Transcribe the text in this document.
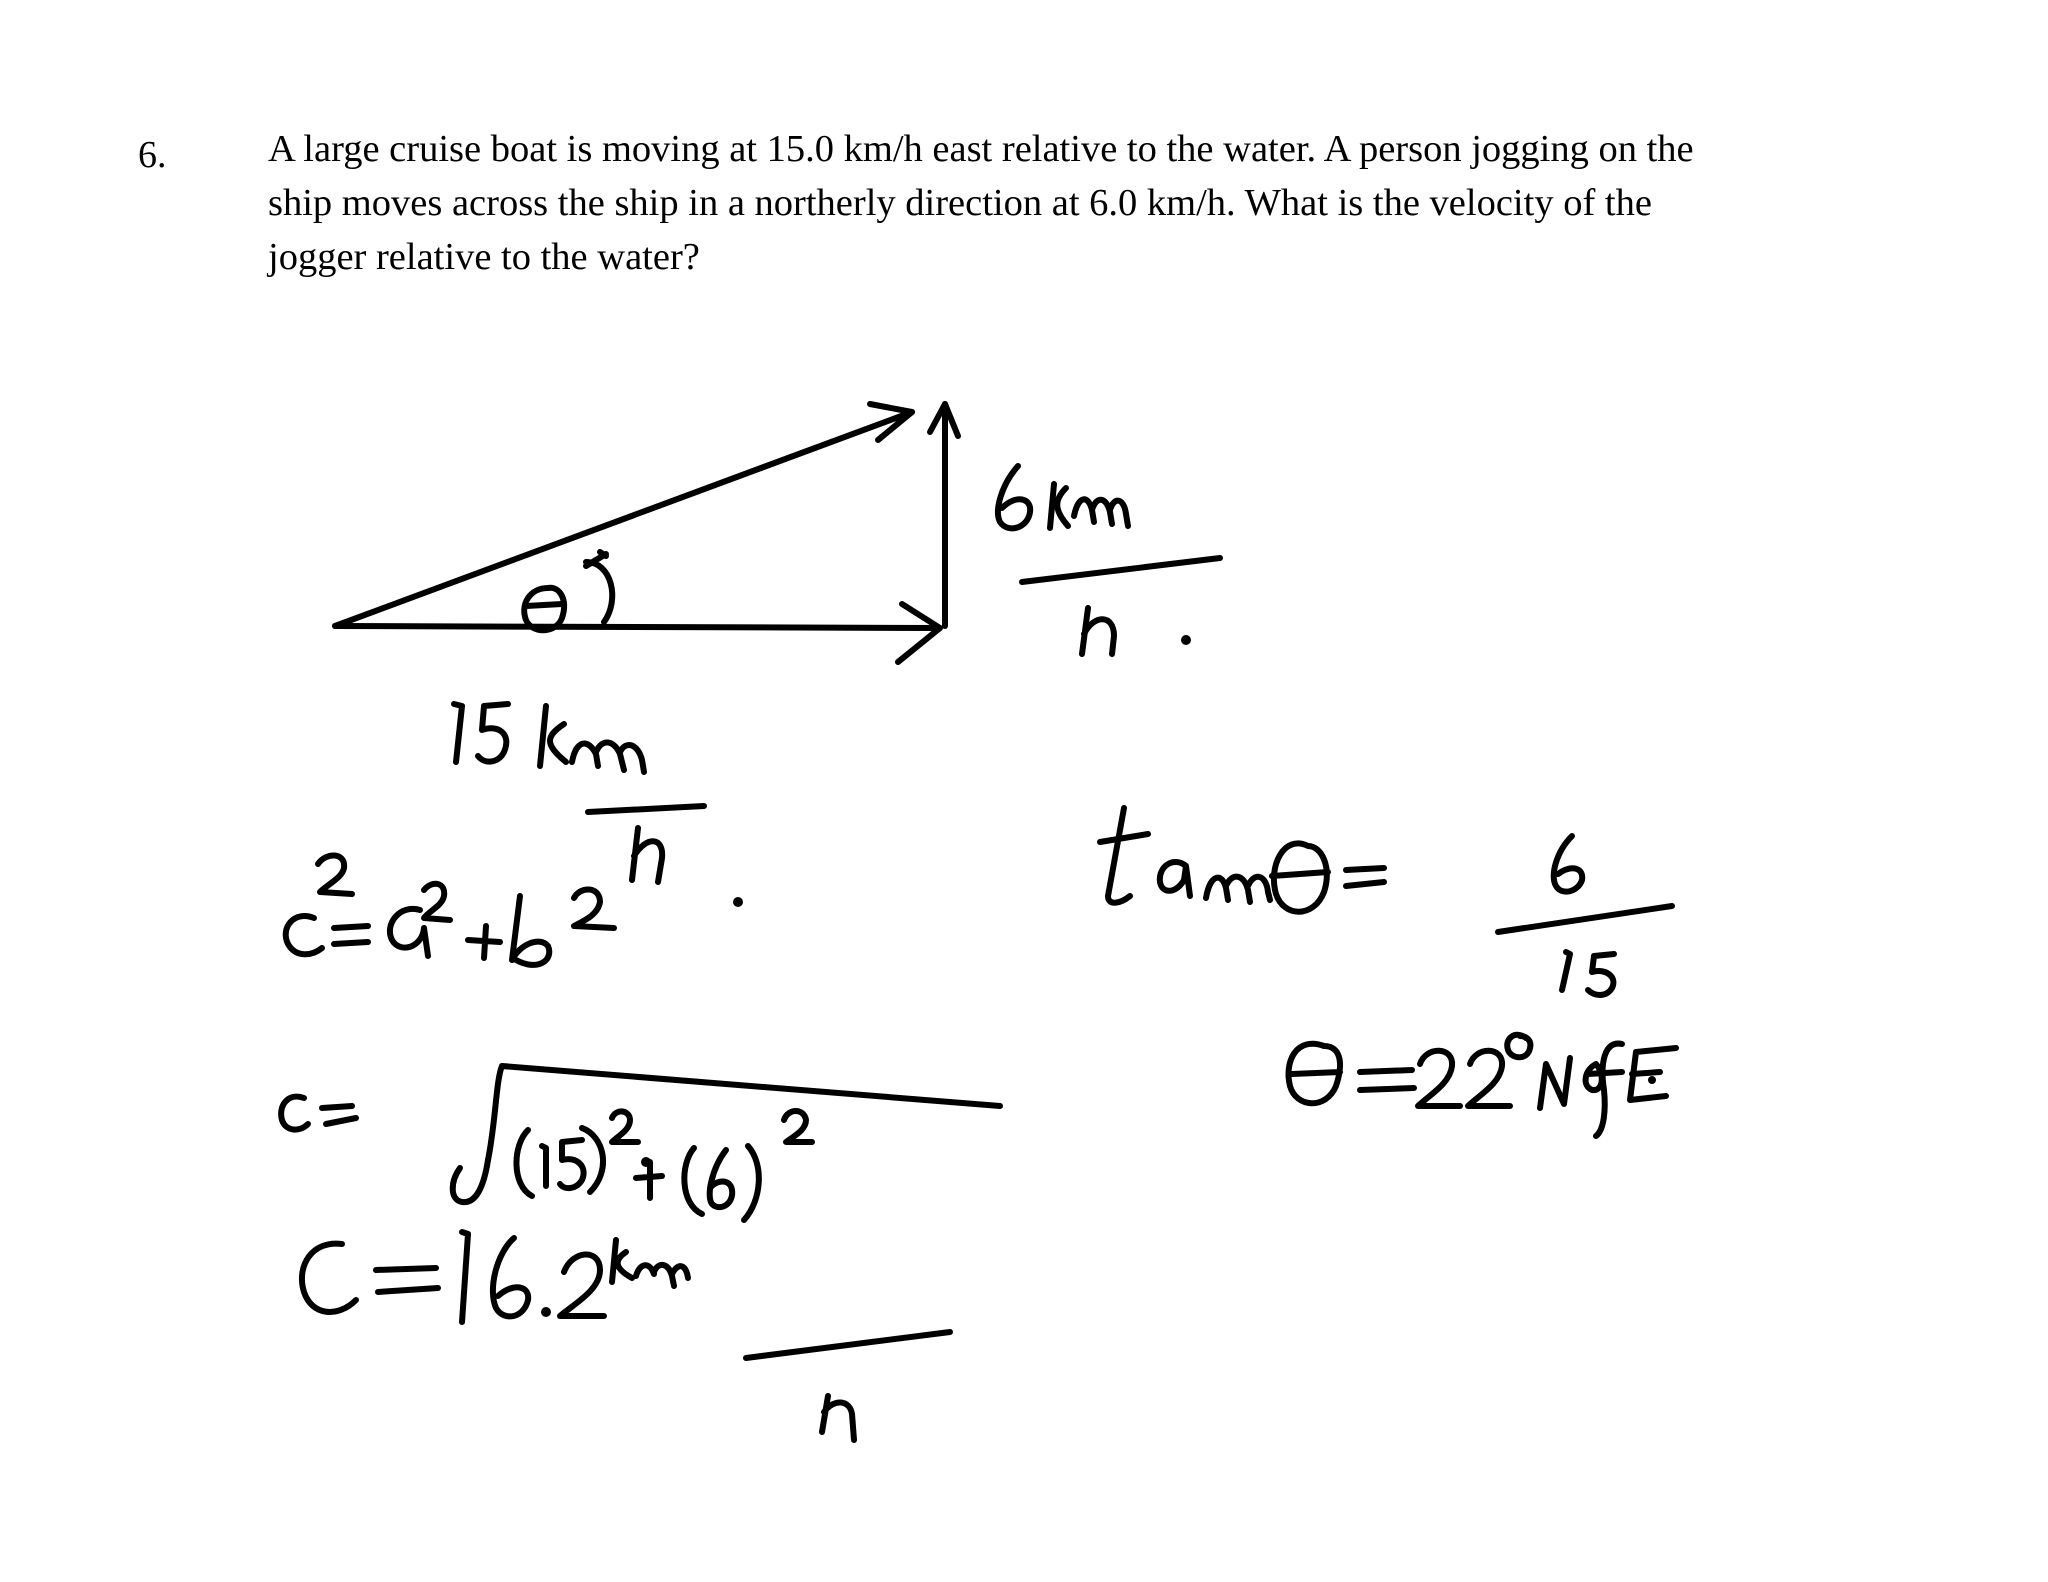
6.	A large cruise boat is moving at 15.0 km/h east relative to the water. A person jogging on the
ship moves across the ship in a northerly direction at 6.0 km/h. What is the velocity of the
jogger relative to the water?
